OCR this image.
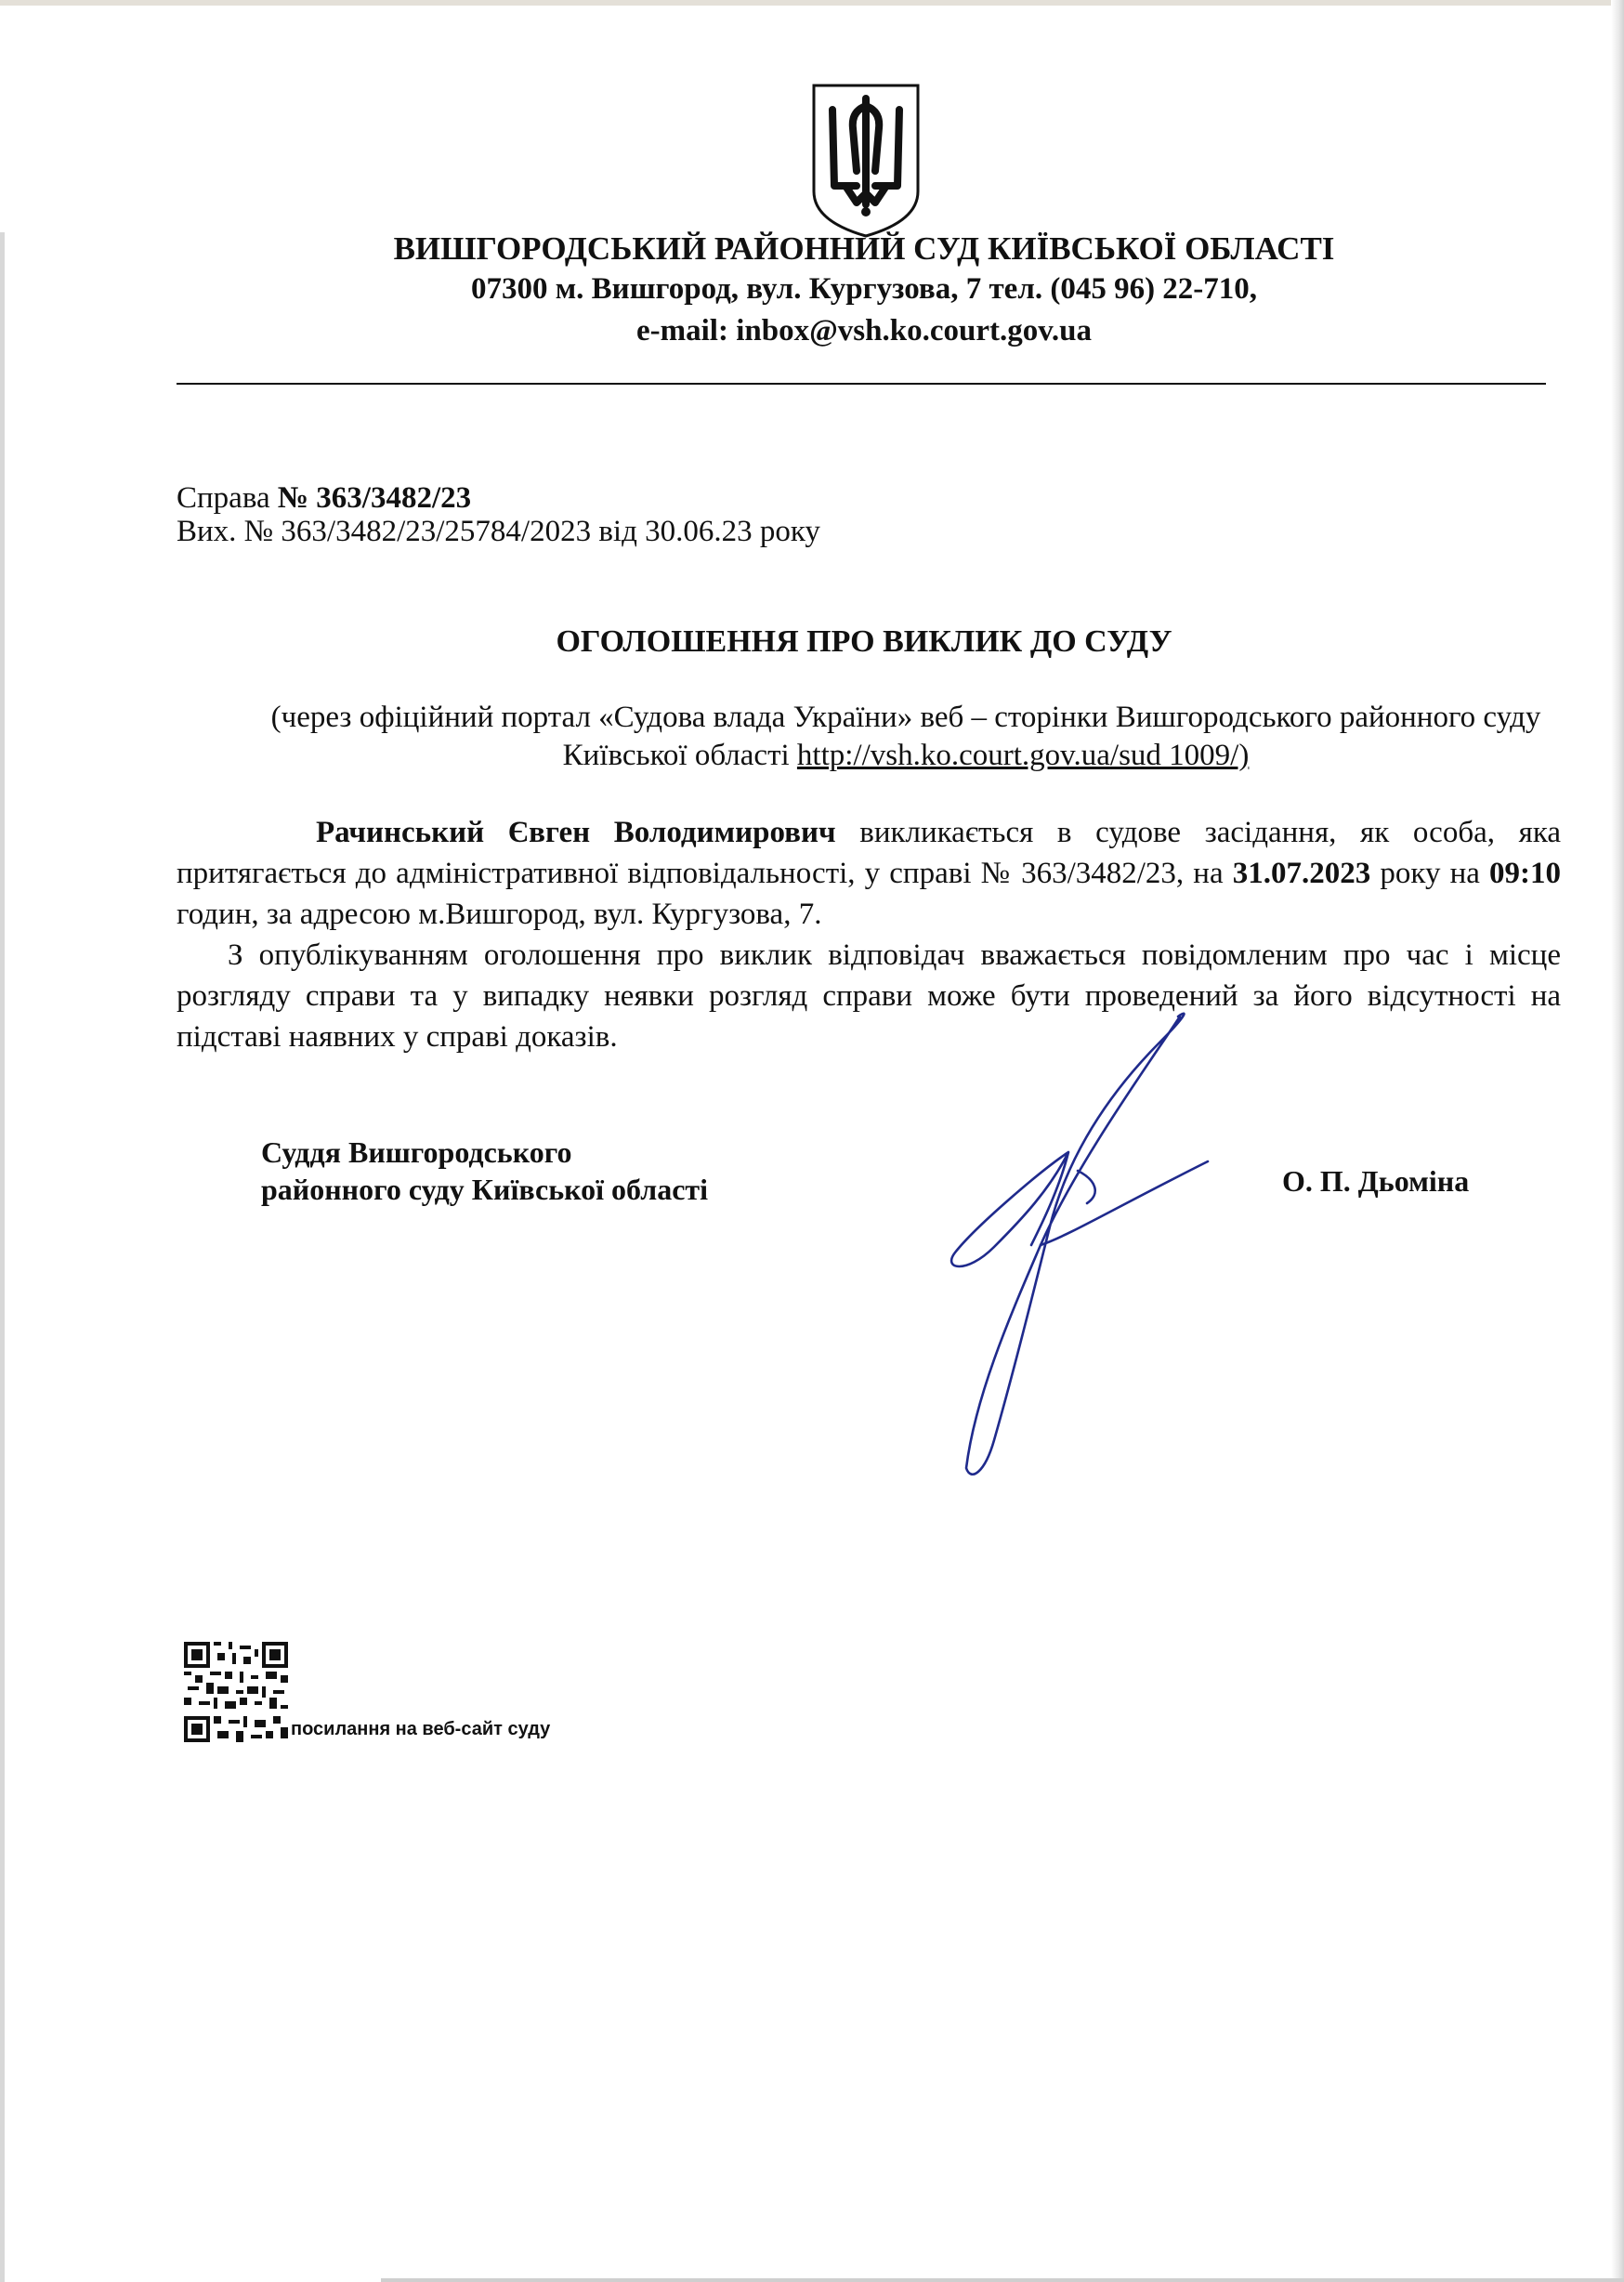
ВИШГОРОДСЬКИЙ РАЙОННИЙ СУД КИЇВСЬКОЇ ОБЛАСТІ
07300 м. Вишгород, вул. Кургузова, 7 тел. (045 96) 22-710,
e-mail: inbox@vsh.ko.court.gov.ua
Справа № 363/3482/23
Вих. № 363/3482/23/25784/2023 від 30.06.23 року
ОГОЛОШЕННЯ ПРО ВИКЛИК ДО СУДУ
(через офіційний портал «Судова влада України» веб – сторінки Вишгородського районного суду Київської області http://vsh.ko.court.gov.ua/sud 1009/)

Рачинський Євген Володимирович викликається в судове засідання, як особа, яка притягається до адміністративної відповідальності, у справі № 363/3482/23, на 31.07.2023 року на 09:10 годин, за адресою м.Вишгород, вул. Кургузова, 7.

З опублікуванням оголошення про виклик відповідач вважається повідомленим про час і місце розгляду справи та у випадку неявки розгляд справи може бути проведений за його відсутності на підставі наявних у справі доказів.

Суддя Вишгородського
районного суду Київської області	О. П. Дьоміна
посилання на веб-сайт суду
